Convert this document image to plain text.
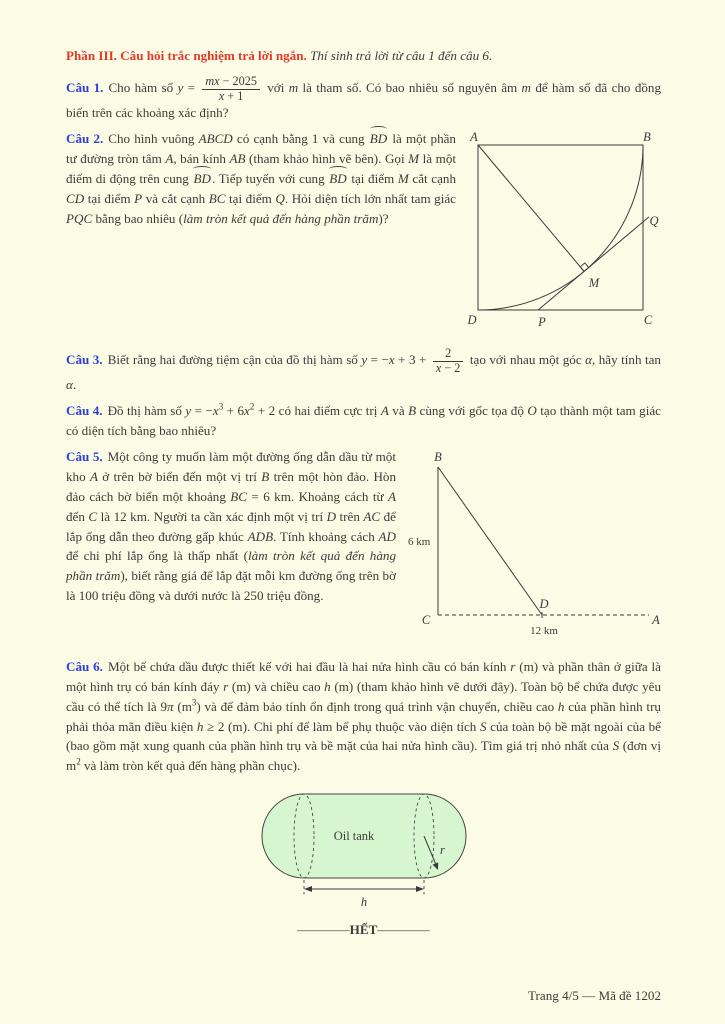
Phần III. Câu hỏi trắc nghiệm trả lời ngắn. Thí sinh trả lời từ câu 1 đến câu 6.

Câu 1. Cho hàm số $y = \frac{mx - 2025}{x + 1}$ với m là tham số. Có bao nhiêu số nguyên âm m để hàm số đã cho đồng biến trên các khoảng xác định?

A	B
Q
M
D	P	C
Câu 2. Cho hình vuông ABCD có cạnh bằng 1 và cung BD là một phần tư đường tròn tâm A, bán kính AB (tham khảo hình vẽ bên). Gọi M là một điểm di động trên cung BD. Tiếp tuyến với cung BD tại điểm M cắt cạnh CD tại điểm P và cắt cạnh BC tại điểm Q. Hỏi diện tích lớn nhất tam giác PQC bằng bao nhiêu (làm tròn kết quả đến hàng phần trăm)?

Câu 3. Biết rằng hai đường tiệm cận của đồ thị hàm số $y = -x + 3 + \frac{2}{x - 2}$ tạo với nhau một góc α, hãy tính tan α.

Câu 4. Đồ thị hàm số $y = -x^3 + 6x^2 + 2$ có hai điểm cực trị A và B cùng với gốc tọa độ O tạo thành một tam giác có diện tích bằng bao nhiêu?

B
C	A
D
6 km
12 km
Câu 5. Một công ty muốn làm một đường ống dẫn dầu từ một kho A ở trên bờ biển đến một vị trí B trên một hòn đảo. Hòn đảo cách bờ biển một khoảng BC = 6 km. Khoảng cách từ A đến C là 12 km. Người ta cần xác định một vị trí D trên AC để lắp ống dẫn theo đường gấp khúc ADB. Tính khoảng cách AD để chi phí lắp ống là thấp nhất (làm tròn kết quả đến hàng phần trăm), biết rằng giá để lắp đặt mỗi km đường ống trên bờ là 100 triệu đồng và dưới nước là 250 triệu đồng.

Câu 6. Một bể chứa dầu được thiết kế với hai đầu là hai nửa hình cầu có bán kính r (m) và phần thân ở giữa là một hình trụ có bán kính đáy r (m) và chiều cao h (m) (tham khảo hình vẽ dưới đây). Toàn bộ bể chứa được yêu cầu có thể tích là 9π $(m^3)$ và để đảm bảo tính ổn định trong quá trình vận chuyển, chiều cao h của phần hình trụ phải thỏa mãn điều kiện h ≥ 2 (m). Chi phí để làm bể phụ thuộc vào diện tích S của toàn bộ bề mặt ngoài của bể (bao gồm mặt xung quanh của phần hình trụ và bề mặt của hai nửa hình cầu). Tìm giá trị nhỏ nhất của S (đơn vị $m^2$ và làm tròn kết quả đến hàng phần chục).

Oil tank
r
h

————HẾT————

Trang 4/5 — Mã đề 1202
